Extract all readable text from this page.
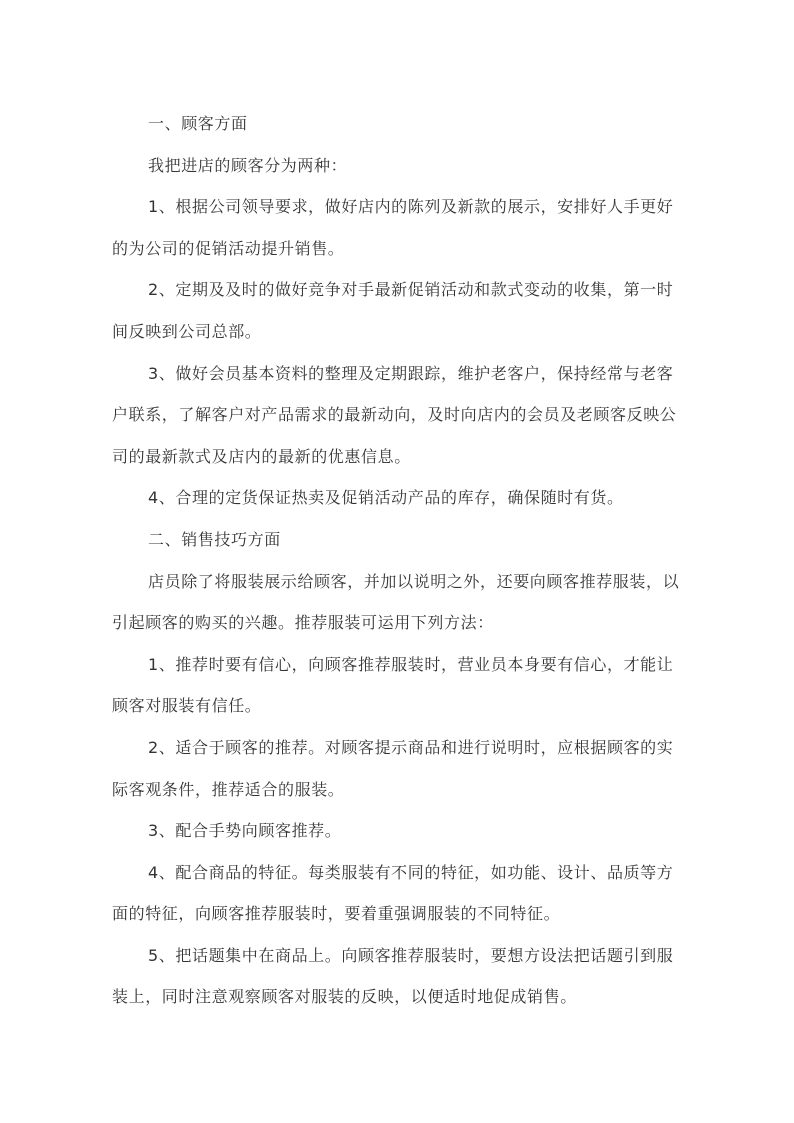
一、顾客方面

我把进店的顾客分为两种：

1、根据公司领导要求，做好店内的陈列及新款的展示，安排好人手更好的为公司的促销活动提升销售。

2、定期及及时的做好竞争对手最新促销活动和款式变动的收集，第一时间反映到公司总部。

3、做好会员基本资料的整理及定期跟踪，维护老客户，保持经常与老客户联系，了解客户对产品需求的最新动向，及时向店内的会员及老顾客反映公司的最新款式及店内的最新的优惠信息。

4、合理的定货保证热卖及促销活动产品的库存，确保随时有货。

二、销售技巧方面

店员除了将服装展示给顾客，并加以说明之外，还要向顾客推荐服装，以引起顾客的购买的兴趣。推荐服装可运用下列方法：

1、推荐时要有信心，向顾客推荐服装时，营业员本身要有信心，才能让顾客对服装有信任。

2、适合于顾客的推荐。对顾客提示商品和进行说明时，应根据顾客的实际客观条件，推荐适合的服装。

3、配合手势向顾客推荐。

4、配合商品的特征。每类服装有不同的特征，如功能、设计、品质等方面的特征，向顾客推荐服装时，要着重强调服装的不同特征。

5、把话题集中在商品上。向顾客推荐服装时，要想方设法把话题引到服装上，同时注意观察顾客对服装的反映，以便适时地促成销售。
